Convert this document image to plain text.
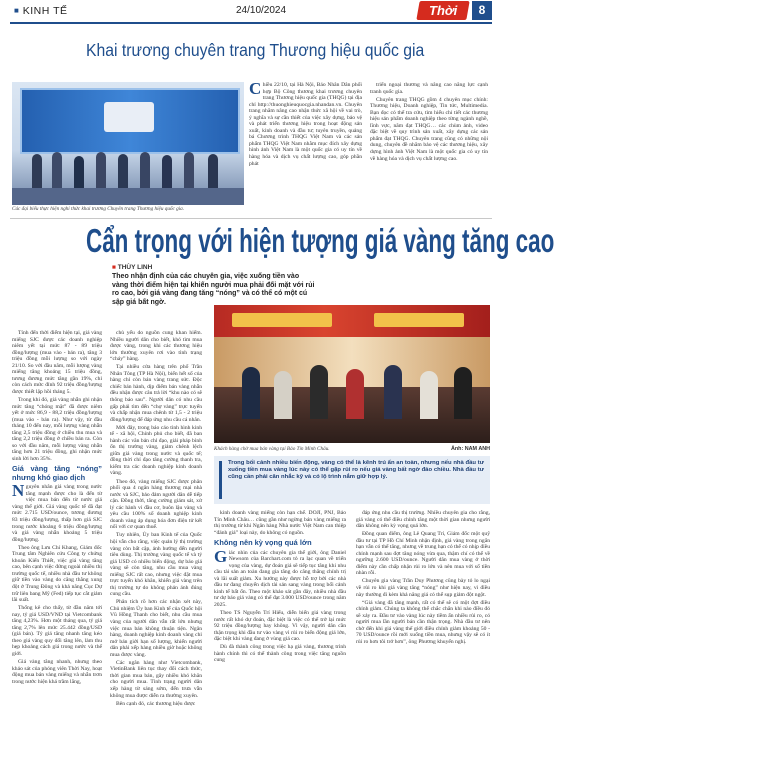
■ KINH TẾ	24/10/2024	Thời	8
Khai trương chuyên trang Thương hiệu quốc gia
Các đại biểu thực hiện nghi thức khai trương Chuyên trang Thương hiệu quốc gia.

Chiều 22/10, tại Hà Nội, Báo Nhân Dân phối hợp Bộ Công thương khai trương chuyên trang Thương hiệu quốc gia (THQG) tại địa chỉ http://thuonghieuquocgia.nhandan.vn. Chuyên trang nhằm nâng cao nhận thức xã hội về vai trò, ý nghĩa và sự cần thiết của việc xây dựng, bảo vệ và phát triển thương hiệu trong hoạt động sản xuất, kinh doanh và đầu tư; tuyên truyền, quảng bá Chương trình THQG Việt Nam và các sản phẩm THQG Việt Nam nhằm mục đích xây dựng hình ảnh Việt Nam là một quốc gia có uy tín về hàng hóa và dịch vụ chất lượng cao, góp phần phát

triển ngoại thương và nâng cao năng lực cạnh tranh quốc gia.

Chuyên trang THQG gồm 4 chuyên mục chính: Thương hiệu, Doanh nghiệp, Tin tức, Multimedia. Bạn đọc có thể tra cứu, tìm hiểu chi tiết các thương hiệu sản phẩm doanh nghiệp theo từng ngành nghề, lĩnh vực, năm đạt THQG… các chùm ảnh, video đặc biệt về quy trình sản xuất, xây dựng các sản phẩm đạt THQG. Chuyên trang cũng có những nội dung, chuyên đề nhằm bảo vệ các thương hiệu, xây dựng hình ảnh Việt Nam là một quốc gia có uy tín về hàng hóa và dịch vụ chất lượng cao.

Cẩn trọng với hiện tượng giá vàng tăng cao
■ THÙY LINH
Theo nhận định của các chuyên gia, việc xuống tiền vào vàng thời điểm hiện tại khiến người mua phải đối mặt với rủi ro cao, bởi giá vàng đang tăng “nóng” và có thể có một cú sập giá bất ngờ.

Tính đến thời điểm hiện tại, giá vàng miếng SJC được các doanh nghiệp niêm yết tại mức 87 - 89 triệu đồng/lượng (mua vào - bán ra), tăng 3 triệu đồng mỗi lượng so với ngày 21/10. So với đầu năm, mỗi lượng vàng miếng tăng khoảng 15 triệu đồng, tương đương mức tăng gần 19%, chỉ còn cách mức đỉnh 92 triệu đồng/lượng được thiết lập hồi tháng 5.

Trong khi đó, giá vàng nhẫn ghi nhận mức tăng “chóng mặt” đã được niêm yết ở mức 86,9 - 88,2 triệu đồng/lượng (mua vào - bán ra). Như vậy, từ đầu tháng 10 đến nay, mỗi lượng vàng nhẫn tăng 2,5 triệu đồng ở chiều thu mua và tăng 2,2 triệu đồng ở chiều bán ra. Còn so với đầu năm, mỗi lượng vàng nhẫn tăng hơn 21 triệu đồng, ghi nhận mức sinh lời hơn 35%.

Giá vàng tăng “nóng” nhưng khó giao dịch

Nguyên nhân giá vàng trong nước tăng mạnh được cho là đến từ việc mua bán đến từ nước giá vàng thế giới. Giá vàng quốc tế đã đạt mức 2.715 USD/ounce, tương đương 83 triệu đồng/lượng, thấp hơn giá SJC trong nước khoảng 6 triệu đồng/lượng và giá vàng nhẫn khoảng 5 triệu đồng/lượng.

Theo ông Lưu Chí Khang, Giám đốc Trung tâm Nghiên cứu Công ty chứng khoán Kiến Thiết, việc giá vàng tăng cao, bên cạnh việc đứng ngoài nhiều thị trường quốc tế, nhiều nhà đầu tư không giữ tiền vào vàng do căng thẳng xung đột ở Trung Đông và khả năng Cục Dự trữ liên bang Mỹ (Fed) tiếp tục cắt giảm lãi suất.

Thống kê cho thấy, từ đầu năm tới nay, tỷ giá USD/VND tại Vietcombank tăng 4,23%. Hơn một tháng qua, tỷ giá tăng 2,7% lên mức 25.442 đồng/USD (giá bán). Tỷ giá tăng nhanh tăng kéo theo giá vàng quy đổi tăng lên, làm thu hẹp khoảng cách giá trong nước và thế giới.

Giá vàng tăng nhanh, nhưng theo khảo sát của phóng viên Thời Nay, hoạt động mua bán vàng miếng và nhẫn trơn trong nước hiện khá trầm lắng,

chủ yếu do nguồn cung khan hiếm. Nhiều người dân cho biết, khó tìm mua được vàng, trong khi các thương hiệu lớn thường xuyên rơi vào tình trạng “cháy” hàng.

Tại nhiều cửa hàng trên phố Trần Nhân Tông (TP Hà Nội), biển hết số của hàng chỉ còn bán vàng trang sức. Độc chiếc bán hành, dịp điểm bán vàng nhẫn đều nhận được câu trả lời “khu nào có sẽ thông báo sau”. Người dân có nhu cầu gấp phải tìm đến “chợ vàng” trực tuyến và chấp nhận mua chênh từ 1,5 - 2 triệu đồng/lượng để đáp ứng nhu cầu cá nhân.

Mới đây, trong báo cáo tình hình kinh tế - xã hội, Chính phủ cho biết, đã ban hành các văn bản chỉ đạo, giải pháp bình ổn thị trường vàng, giảm chênh lệch giữa giá vàng trong nước và quốc tế; đồng thời chỉ đạo tăng cường thanh tra, kiểm tra các doanh nghiệp kinh doanh vàng.

Theo đó, vàng miếng SJC được phân phối qua 4 ngân hàng thương mại nhà nước và SJC, bảo đảm người dân dễ tiếp cận. Đồng thời, tăng cường giám sát, xử lý các hành vi đầu cơ, buôn lậu vàng và yêu cầu 100% số doanh nghiệp kinh doanh vàng áp dụng hóa đơn điện tử kết nối với cơ quan thuế.

Tuy nhiên, Ủy ban Kinh tế của Quốc hội vẫn cho rằng, việc quản lý thị trường vàng còn bất cập, ảnh hưởng đến người tiêu dùng. Thị trường vàng quốc tế và tỷ giá USD có nhiều biến động, dự báo giá vàng sẽ còn tăng, nhu cầu mua vàng miếng SJC rất cao, nhưng việc đặt mua trực tuyến khó khăn, khiến giá vàng trên thị trường tự do không phản ánh đúng cung cầu.

Phân tích rõ hơn các nhận xét này, Chủ nhiệm Ủy ban Kinh tế của Quốc hội Vũ Hồng Thanh cho biết, nhu cầu mua vàng của người dân vẫn rất lớn nhưng việc mua bán không thuận tiện. Ngân hàng, doanh nghiệp kinh doanh vàng chỉ mở bán giới hạn số lượng, khiến người dân phải xếp hàng nhiều giờ hoặc không mua được vàng.

Các ngân hàng như Vietcombank, VietinBank liên tục thay đổi cách thức, thời gian mua bán, gây nhiều khó khăn cho người mua. Tình trạng người dân xếp hàng từ sáng sớm, đến trưa vẫn không mua được diễn ra thường xuyên.

Bên cạnh đó, các thương hiệu được

Khách hàng chờ mua bán vàng tại Bảo Tín Minh Châu.	Ảnh: NAM ANH
Trong bối cảnh nhiều biến động, vàng có thể là kênh trú ẩn an toàn, nhưng nếu nhà đầu tư xuống tiền mua vàng lúc này có thể gặp rủi ro nếu giá vàng bất ngờ đảo chiều. Nhà đầu tư cũng cần phải cân nhắc kỹ và có lộ trình nắm giữ hợp lý.

kinh doanh vàng miếng còn hạn chế. DOJI, PNJ, Bảo Tín Minh Châu… cũng gần như ngừng bán vàng miếng ra thị trường từ khi Ngân hàng Nhà nước Việt Nam can thiệp “đánh giá” loại này, do không có nguồn.

Không nên kỳ vọng quá lớn

Giác nhìn của các chuyên gia thế giới, ông Daniel Newsom của Barchart.com tỏ ra lạc quan về triển vọng của vàng, dự đoán giá sẽ tiếp tục tăng khi nhu cầu tài sản an toàn đang gia tăng do căng thẳng chính trị và lãi suất giảm. Xu hướng này được hỗ trợ bởi các nhà đầu tư đang chuyển dịch tài sản sang vàng trong bối cảnh kinh tế bất ổn. Theo một khảo sát gần đây, nhiều nhà đầu tư dự báo giá vàng có thể đạt 3.000 USD/ounce trong năm 2025.

Theo TS Nguyễn Trí Hiếu, diễn biến giá vàng trong nước rất khó dự đoán, đặc biệt là việc có thể trở lại mức 92 triệu đồng/lượng hay không. Vì vậy, người dân cần thận trọng khi đầu tư vào vàng vì rủi ro biến động giá lớn, đặc biệt khi vàng đang ở vùng giá cao.

Dù đà thành công trong việc hạ giá vàng, thương trình hành chính thì có thể thành công trong việc tăng nguồn cung

đáp ứng nhu cầu thị trường. Nhiều chuyên gia cho rằng, giá vàng có thể điều chỉnh tăng một thời gian nhưng người dân không nên kỳ vọng quá lớn.

Đồng quan điểm, ông Lê Quang Trí, Giám đốc một quỹ đầu tư tại TP Hồ Chí Minh nhận định, giá vàng trong ngắn hạn vẫn có thể tăng, nhưng về trung hạn có thể có nhịp điều chỉnh mạnh sau đợt tăng nóng vừa qua, thậm chí có thể về ngưỡng 2.600 USD/ounce. Người dân mua vàng ở thời điểm này cần chấp nhận rủi ro lớn và nên mua với số tiền nhàn rỗi.

Chuyên gia vàng Trần Duy Phương cũng bày tỏ lo ngại về rủi ro khi giá vàng tăng “nóng” như hiện nay, vì điều này thường đi kèm khả năng giá có thể sụp giảm đột ngột.

“Giá vàng đã tăng mạnh, rất có thể sẽ có một đợt điều chỉnh giảm. Chúng ta không thể chắc chắn khi nào điều đó sẽ xảy ra. Đầu tư vào vàng lúc này tiềm ẩn nhiều rủi ro, có người mua lần người bán cần thận trọng. Nhà đầu tư nên chờ đến khi giá vàng thế giới điều chỉnh giảm khoảng 50 - 70 USD/ounce rồi mới xuống tiền mua, nhưng vậy sẽ có ít rủi ro hơn tôi trở hơn”, ông Phương khuyến nghị.
